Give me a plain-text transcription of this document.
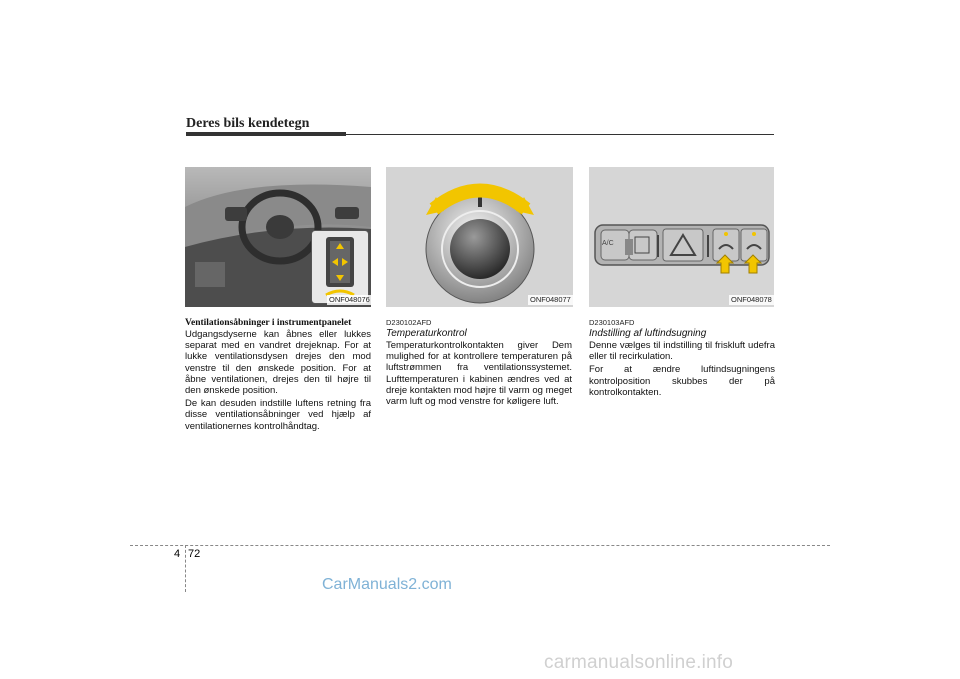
Deres bils kendetegn
ONF048076	ONF048077
A/C
ONF048078
Ventilationsåbninger i instrumentpanelet

Udgangsdyserne kan åbnes eller lukkes separat med en vandret drejeknap. For at lukke ventilationsdysen drejes den mod venstre til den ønskede position. For at åbne ventilationen, drejes den til højre til den ønskede position.

De kan desuden indstille luftens retning fra disse ventilationsåbninger ved hjælp af ventilationernes kontrolhåndtag.

D230102AFD
Temperaturkontrol

Temperaturkontrolkontakten giver Dem mulighed for at kontrollere temperaturen på luftstrømmen fra ventilationssystemet. Lufttemperaturen i kabinen ændres ved at dreje kontakten mod højre til varm og meget varm luft og mod venstre for køligere luft.

D230103AFD
Indstilling af luftindsugning

Denne vælges til indstilling til friskluft udefra eller til recirkulation.

For at ændre luftindsugningens kontrolposition skubbes der på kontrolkontakten.

4 72
CarManuals2.com
carmanualsonline.info
